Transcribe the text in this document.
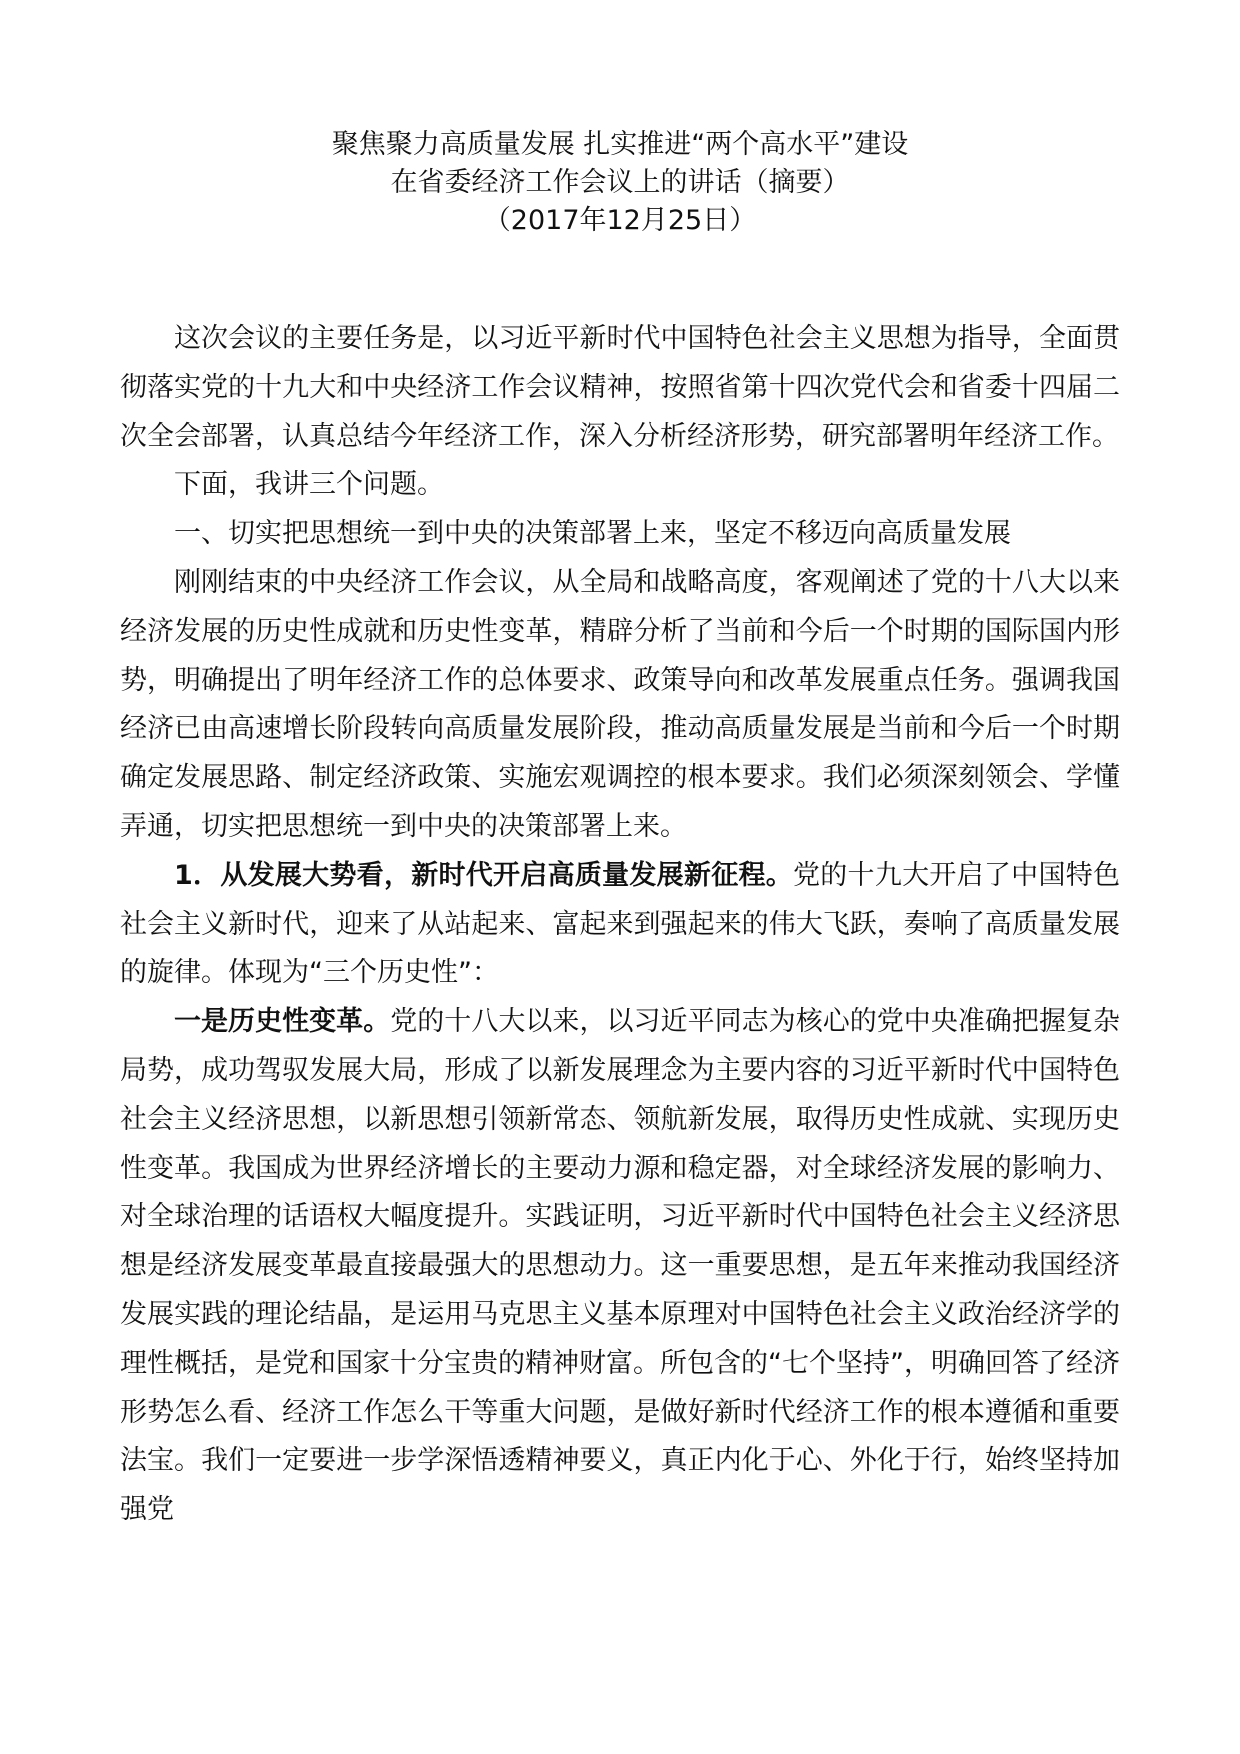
聚焦聚力高质量发展 扎实推进“两个高水平”建设
在省委经济工作会议上的讲话（摘要）
（2017年12月25日）

这次会议的主要任务是，以习近平新时代中国特色社会主义思想为指导，全面贯彻落实党的十九大和中央经济工作会议精神，按照省第十四次党代会和省委十四届二次全会部署，认真总结今年经济工作，深入分析经济形势，研究部署明年经济工作。

下面，我讲三个问题。

一、切实把思想统一到中央的决策部署上来，坚定不移迈向高质量发展

刚刚结束的中央经济工作会议，从全局和战略高度，客观阐述了党的十八大以来经济发展的历史性成就和历史性变革，精辟分析了当前和今后一个时期的国际国内形势，明确提出了明年经济工作的总体要求、政策导向和改革发展重点任务。强调我国经济已由高速增长阶段转向高质量发展阶段，推动高质量发展是当前和今后一个时期确定发展思路、制定经济政策、实施宏观调控的根本要求。我们必须深刻领会、学懂弄通，切实把思想统一到中央的决策部署上来。

1．从发展大势看，新时代开启高质量发展新征程。党的十九大开启了中国特色社会主义新时代，迎来了从站起来、富起来到强起来的伟大飞跃，奏响了高质量发展的旋律。体现为“三个历史性”：

一是历史性变革。党的十八大以来，以习近平同志为核心的党中央准确把握复杂局势，成功驾驭发展大局，形成了以新发展理念为主要内容的习近平新时代中国特色社会主义经济思想，以新思想引领新常态、领航新发展，取得历史性成就、实现历史性变革。我国成为世界经济增长的主要动力源和稳定器，对全球经济发展的影响力、对全球治理的话语权大幅度提升。实践证明，习近平新时代中国特色社会主义经济思想是经济发展变革最直接最强大的思想动力。这一重要思想，是五年来推动我国经济发展实践的理论结晶，是运用马克思主义基本原理对中国特色社会主义政治经济学的理性概括，是党和国家十分宝贵的精神财富。所包含的“七个坚持”，明确回答了经济形势怎么看、经济工作怎么干等重大问题，是做好新时代经济工作的根本遵循和重要法宝。我们一定要进一步学深悟透精神要义，真正内化于心、外化于行，始终坚持加强党
